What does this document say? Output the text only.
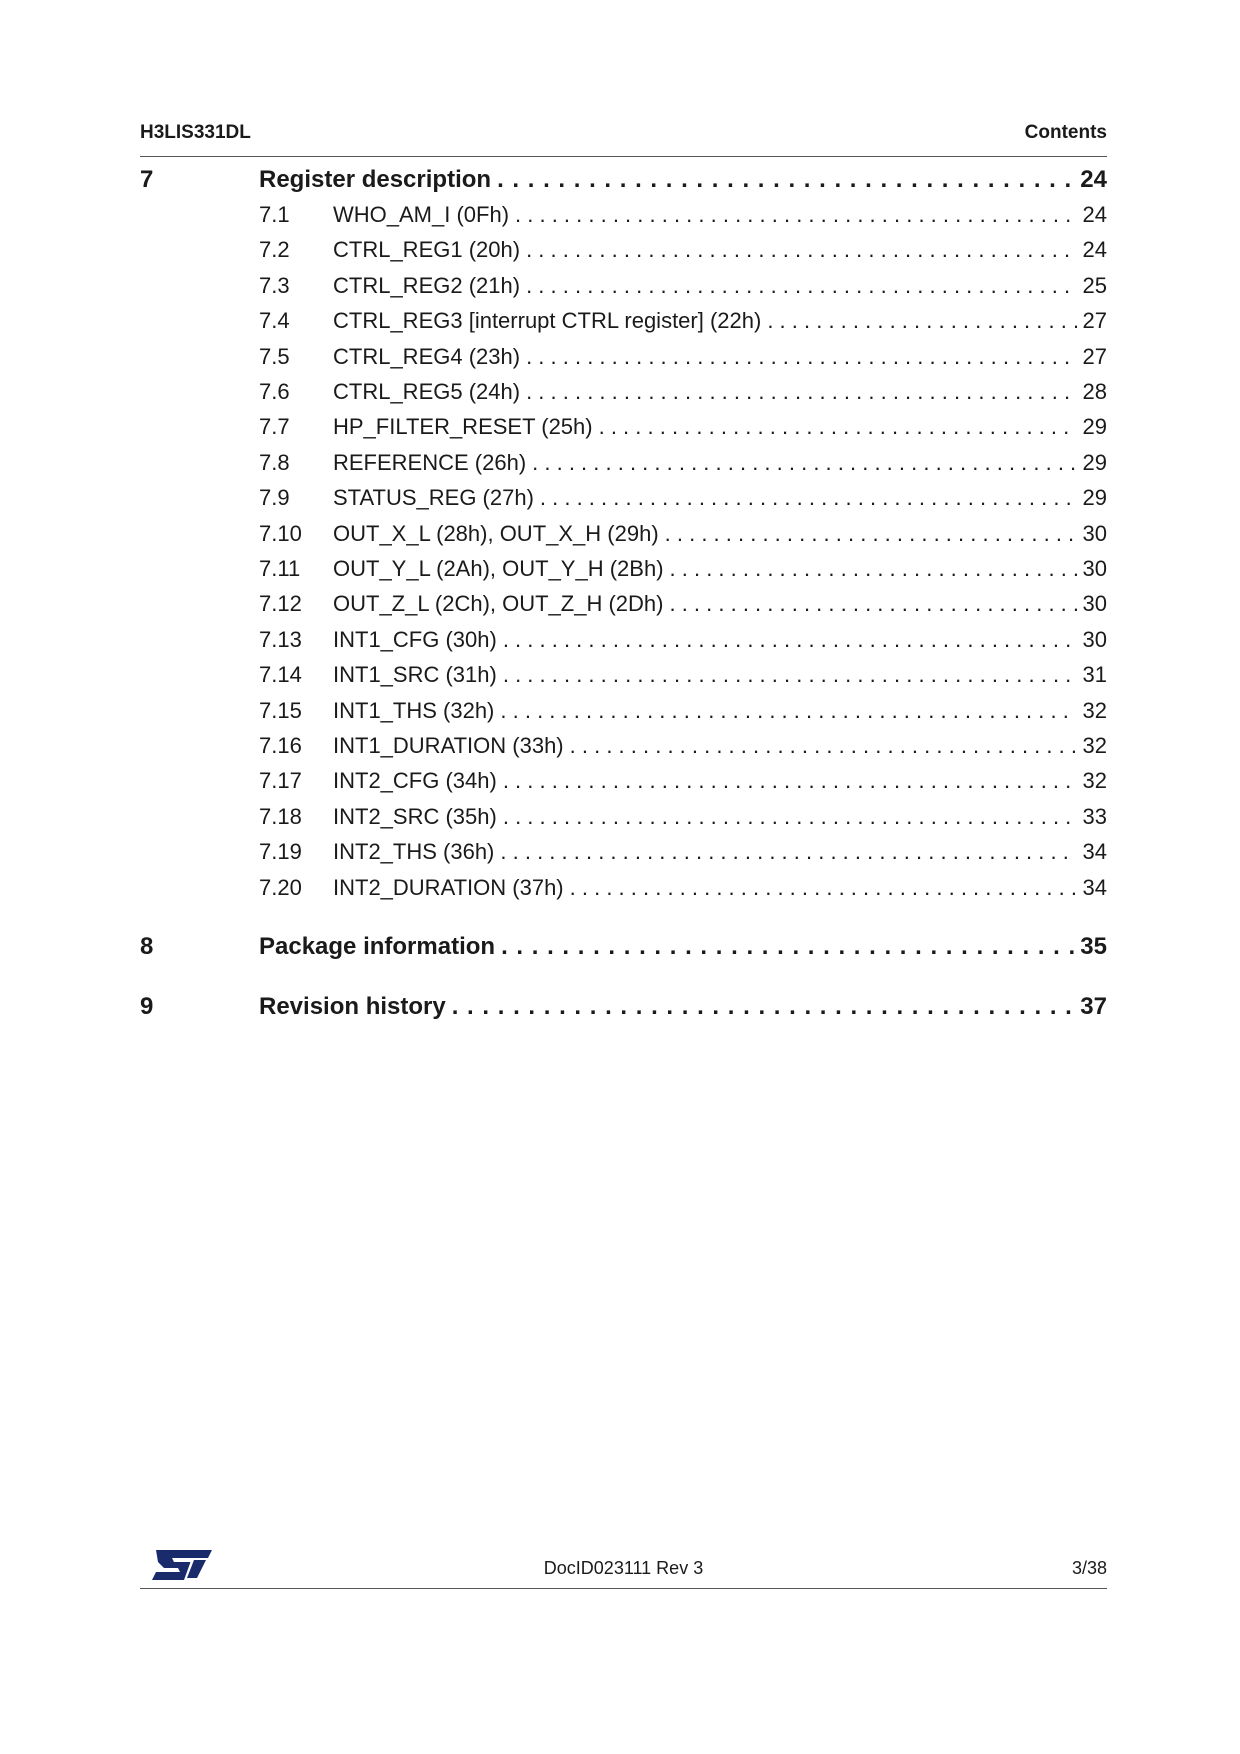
H3LIS331DL	Contents
7	Register description . . .	24
7.1 WHO_AM_I (0Fh) . . .	24
7.2 CTRL_REG1 (20h) . . .	24
7.3 CTRL_REG2 (21h) . . .	25
7.4 CTRL_REG3 [interrupt CTRL register] (22h) . . .	27
7.5 CTRL_REG4 (23h) . . .	27
7.6 CTRL_REG5 (24h) . . .	28
7.7 HP_FILTER_RESET (25h) . . .	29
7.8 REFERENCE (26h) . . .	29
7.9 STATUS_REG (27h) . . .	29
7.10 OUT_X_L (28h), OUT_X_H (29h) . . .	30
7.11 OUT_Y_L (2Ah), OUT_Y_H (2Bh) . . .	30
7.12 OUT_Z_L (2Ch), OUT_Z_H (2Dh) . . .	30
7.13 INT1_CFG (30h) . . .	30
7.14 INT1_SRC (31h) . . .	31
7.15 INT1_THS (32h) . . .	32
7.16 INT1_DURATION (33h) . . .	32
7.17 INT2_CFG (34h) . . .	32
7.18 INT2_SRC (35h) . . .	33
7.19 INT2_THS (36h) . . .	34
7.20 INT2_DURATION (37h) . . .	34
8	Package information . . .	35
9	Revision history . . .	37
DocID023111 Rev 3	3/38
